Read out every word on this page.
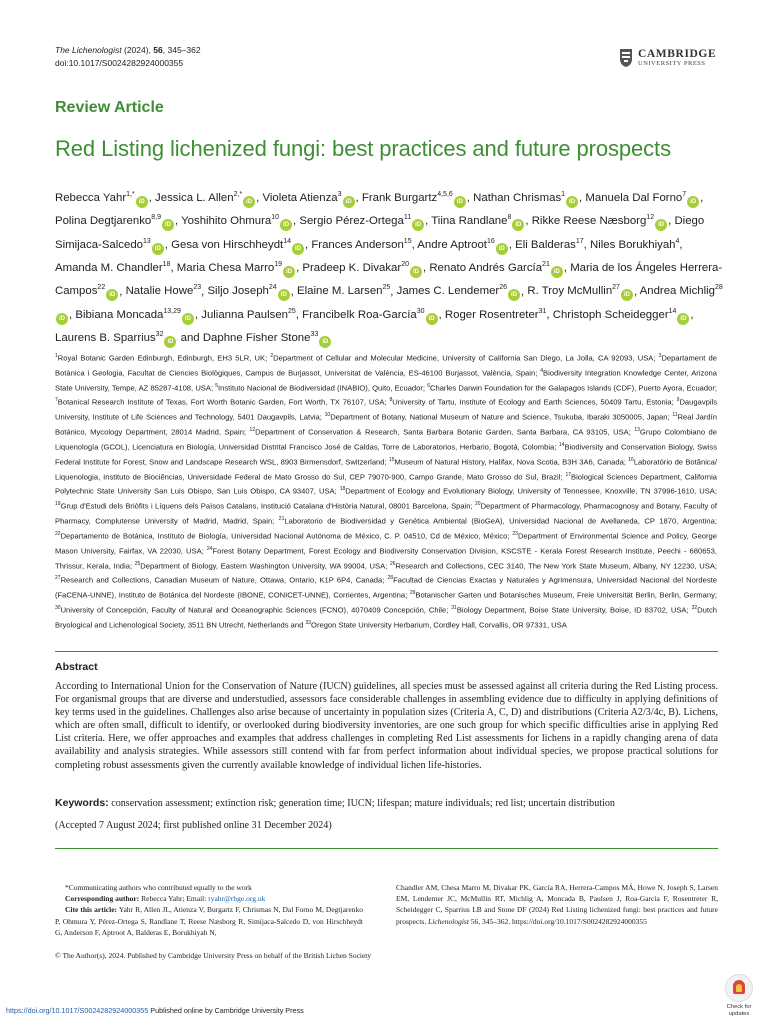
The Lichenologist (2024), 56, 345–362
doi:10.1017/S0024282924000355
CAMBRIDGE
UNIVERSITY PRESS
Review Article
Red Listing lichenized fungi: best practices and future prospects
Rebecca Yahr$^{1,*}$iD , Jessica L. Allen$^{2,*}$iD , Violeta Atienza$^3$iD , Frank Burgartz$^{4,5,6}$iD , Nathan Chrismas$^1$iD , Manuela Dal Forno$^7$iD , Polina Degtjarenko$^{8,9}$iD , Yoshihito Ohmura$^{10}$iD , Sergio Pérez-Ortega$^{11}$iD , Tiina Randlane$^8$iD , Rikke Reese Næsborg$^{12}$iD , Diego Simijaca-Salcedo$^{13}$iD , Gesa von Hirschheydt$^{14}$iD , Frances Anderson$^{15}$, Andre Aptroot$^{16}$iD , Eli Balderas$^{17}$, Niles Borukhiyah$^4$, Amanda M. Chandler$^{18}$, Maria Chesa Marro$^{19}$iD , Pradeep K. Divakar$^{20}$iD , Renato Andrés García$^{21}$iD , Maria de los Ángeles Herrera-Campos$^{22}$iD , Natalie Howe$^{23}$, Siljo Joseph$^{24}$iD , Elaine M. Larsen$^{25}$, James C. Lendemer$^{26}$iD , R. Troy McMullin$^{27}$iD , Andrea Michlig$^{28}$iD , Bibiana Moncada$^{13,29}$iD , Julianna Paulsen$^{25}$, Francibelk Roa-García$^{30}$iD , Roger Rosentreter$^{31}$, Christoph Scheidegger$^{14}$iD , Laurens B. Sparrius$^{32}$iD and Daphne Fisher Stone$^{33}$iD
$^1$Royal Botanic Garden Edinburgh, Edinburgh, EH3 5LR, UK; $^2$Department of Cellular and Molecular Medicine, University of California San Diego, La Jolla, CA 92093, USA; $^3$Departament de Botànica i Geologia, Facultat de Ciencies Biològiques, Campus de Burjassot, Universitat de València, ES-46100 Burjassot, València, Spain; $^4$Biodiversity Integration Knowledge Center, Arizona State University, Tempe, AZ 85287-4108, USA; $^5$Instituto Nacional de Biodiversidad (INABIO), Quito, Ecuador; $^6$Charles Darwin Foundation for the Galapagos Islands (CDF), Puerto Ayora, Ecuador; $^7$Botanical Research Institute of Texas, Fort Worth Botanic Garden, Fort Worth, TX 76107, USA; $^8$University of Tartu, Institute of Ecology and Earth Sciences, 50409 Tartu, Estonia; $^9$Daugavpils University, Institute of Life Sciences and Technology, 5401 Daugavpils, Latvia; $^{10}$Department of Botany, National Museum of Nature and Science, Tsukuba, Ibaraki 3050005, Japan; $^{11}$Real Jardín Botánico, Mycology Department, 28014 Madrid, Spain; $^{12}$Department of Conservation & Research, Santa Barbara Botanic Garden, Santa Barbara, CA 93105, USA; $^{13}$Grupo Colombiano de Liquenología (GCOL), Licenciatura en Biología, Universidad Distrital Francisco José de Caldas, Torre de Laboratorios, Herbario, Bogotá, Colombia; $^{14}$Biodiversity and Conservation Biology, Swiss Federal Institute for Forest, Snow and Landscape Research WSL, 8903 Birmensdorf, Switzerland; $^{15}$Museum of Natural History, Halifax, Nova Scotia, B3H 3A6, Canada; $^{16}$Laboratório de Botânica/ Liquenologia, Instituto de Biociências, Universidade Federal de Mato Grosso do Sul, CEP 79070-900, Campo Grande, Mato Grosso do Sul, Brazil; $^{17}$Biological Sciences Department, California Polytechnic State University San Luis Obispo, San Luis Obispo, CA 93407, USA; $^{18}$Department of Ecology and Evolutionary Biology, University of Tennessee, Knoxville, TN 37996-1610, USA; $^{19}$Grup d'Estudi dels Briòfits i Líquens dels Països Catalans, Institució Catalana d'Història Natural, 08001 Barcelona, Spain; $^{20}$Department of Pharmacology, Pharmacognosy and Botany, Faculty of Pharmacy, Complutense University of Madrid, Madrid, Spain; $^{21}$Laboratorio de Biodiversidad y Genética Ambiental (BioGeA), Universidad Nacional de Avellaneda, CP 1870, Argentina; $^{22}$Departamento de Botánica, Instituto de Biología, Universidad Nacional Autónoma de México, C. P. 04510, Cd de México, México; $^{23}$Department of Environmental Science and Policy, George Mason University, Fairfax, VA 22030, USA; $^{24}$Forest Botany Department, Forest Ecology and Biodiversity Conservation Division, KSCSTE - Kerala Forest Research Institute, Peechi - 680653, Thrissur, Kerala, India; $^{25}$Department of Biology, Eastern Washington University, WA 99004, USA; $^{26}$Research and Collections, CEC 3140, The New York State Museum, Albany, NY 12230, USA; $^{27}$Research and Collections, Canadian Museum of Nature, Ottawa, Ontario, K1P 6P4, Canada; $^{28}$Facultad de Ciencias Exactas y Naturales y Agrimensura, Universidad Nacional del Nordeste (FaCENA-UNNE), Instituto de Botánica del Nordeste (IBONE, CONICET-UNNE), Corrientes, Argentina; $^{29}$Botanischer Garten und Botanisches Museum, Freie Universität Berlin, Berlin, Germany; $^{30}$University of Concepción, Faculty of Natural and Oceanographic Sciences (FCNO), 4070409 Concepción, Chile; $^{31}$Biology Department, Boise State University, Boise, ID 83702, USA; $^{32}$Dutch Bryological and Lichenological Society, 3511 BN Utrecht, Netherlands and $^{33}$Oregon State University Herbarium, Cordley Hall, Corvallis, OR 97331, USA
Abstract
According to International Union for the Conservation of Nature (IUCN) guidelines, all species must be assessed against all criteria during the Red Listing process. For organismal groups that are diverse and understudied, assessors face considerable challenges in assembling evidence due to difficulty in applying definitions of key terms used in the guidelines. Challenges also arise because of uncertainty in population sizes (Criteria A, C, D) and distributions (Criteria A2/3/4c, B). Lichens, which are often small, difficult to identify, or overlooked during biodiversity inventories, are one such group for which specific difficulties arise in applying Red List criteria. Here, we offer approaches and examples that address challenges in completing Red List assessments for lichens in a rapidly changing arena of data availability and analysis strategies. While assessors still contend with far from perfect information about individual species, we propose practical solutions for completing robust assessments given the currently available knowledge of individual lichen life-histories.
Keywords: conservation assessment; extinction risk; generation time; IUCN; lifespan; mature individuals; red list; uncertain distribution
(Accepted 7 August 2024; first published online 31 December 2024)
*Communicating authors who contributed equally to the work
Corresponding author: Rebecca Yahr; Email: ryahr@rbge.org.uk
Cite this article: Yahr R, Allen JL, Atienza V, Burgartz F, Chrismas N, Dal Forno M, Degtjarenko P, Ohmura Y, Pérez-Ortega S, Randlane T, Reese Næsborg R, Simijaca-Salcedo D, von Hirschheydt G, Anderson F, Aptroot A, Balderas E, Borukhiyah N,
Chandler AM, Chesa Marro M, Divakar PK, García RA, Herrera-Campos MÁ, Howe N, Joseph S, Larsen EM, Lendemer JC, McMullin RT, Michlig A, Moncada B, Paulsen J, Roa-García F, Rosentreter R, Scheidegger C, Sparrius LB and Stone DF (2024) Red Listing lichenized fungi: best practices and future prospects. Lichenologist 56, 345–362. https://doi.org/10.1017/S0024282924000355
© The Author(s), 2024. Published by Cambridge University Press on behalf of the British Lichen Society
https://doi.org/10.1017/S0024282924000355 Published online by Cambridge University Press	Check for
updates
